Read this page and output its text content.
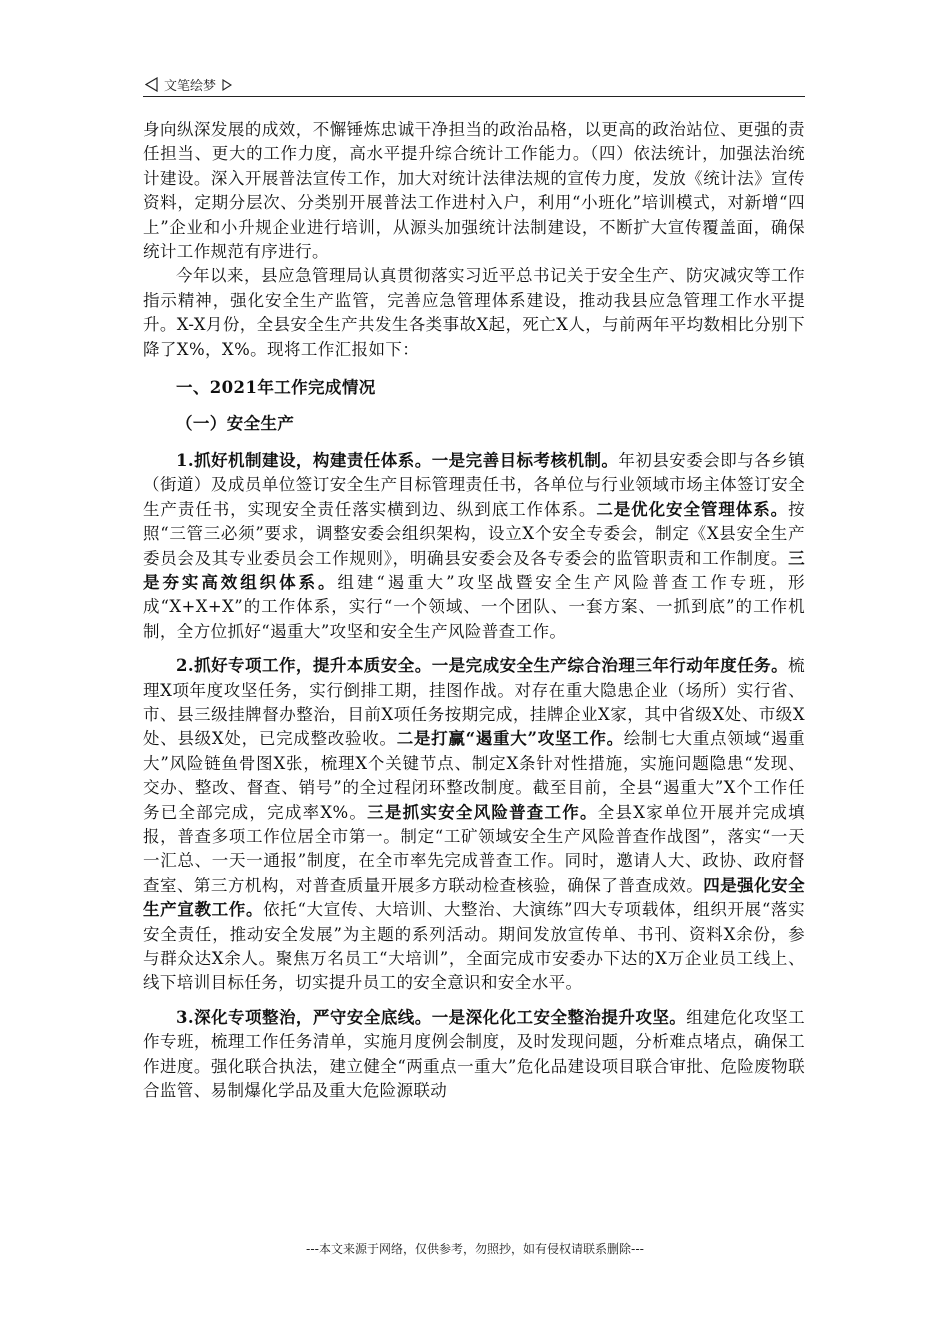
文笔绘梦

身向纵深发展的成效，不懈锤炼忠诚干净担当的政治品格，以更高的政治站位、更强的责任担当、更大的工作力度，高水平提升综合统计工作能力。（四）依法统计，加强法治统计建设。深入开展普法宣传工作，加大对统计法律法规的宣传力度，发放《统计法》宣传资料，定期分层次、分类别开展普法工作进村入户，利用“小班化”培训模式，对新增“四上”企业和小升规企业进行培训，从源头加强统计法制建设，不断扩大宣传覆盖面，确保统计工作规范有序进行。

今年以来，县应急管理局认真贯彻落实习近平总书记关于安全生产、防灾减灾等工作指示精神，强化安全生产监管，完善应急管理体系建设，推动我县应急管理工作水平提升。X-X月份，全县安全生产共发生各类事故X起，死亡X人，与前两年平均数相比分别下降了X%，X%。现将工作汇报如下：

一、2021年工作完成情况

（一）安全生产

1.抓好机制建设，构建责任体系。一是完善目标考核机制。年初县安委会即与各乡镇（街道）及成员单位签订安全生产目标管理责任书，各单位与行业领域市场主体签订安全生产责任书，实现安全责任落实横到边、纵到底工作体系。二是优化安全管理体系。按照“三管三必须”要求，调整安委会组织架构，设立X个安全专委会，制定《X县安全生产委员会及其专业委员会工作规则》，明确县安委会及各专委会的监管职责和工作制度。三是夯实高效组织体系。组建“遏重大”攻坚战暨安全生产风险普查工作专班，形成“X+X+X”的工作体系，实行“一个领域、一个团队、一套方案、一抓到底”的工作机制，全方位抓好“遏重大”攻坚和安全生产风险普查工作。

2.抓好专项工作，提升本质安全。一是完成安全生产综合治理三年行动年度任务。梳理X项年度攻坚任务，实行倒排工期，挂图作战。对存在重大隐患企业（场所）实行省、市、县三级挂牌督办整治，目前X项任务按期完成，挂牌企业X家，其中省级X处、市级X处、县级X处，已完成整改验收。二是打赢“遏重大”攻坚工作。绘制七大重点领域“遏重大”风险链鱼骨图X张，梳理X个关键节点、制定X条针对性措施，实施问题隐患“发现、交办、整改、督查、销号”的全过程闭环整改制度。截至目前，全县“遏重大”X个工作任务已全部完成，完成率X%。三是抓实安全风险普查工作。全县X家单位开展并完成填报，普查多项工作位居全市第一。制定“工矿领域安全生产风险普查作战图”，落实“一天一汇总、一天一通报”制度，在全市率先完成普查工作。同时，邀请人大、政协、政府督查室、第三方机构，对普查质量开展多方联动检查核验，确保了普查成效。四是强化安全生产宣教工作。依托“大宣传、大培训、大整治、大演练”四大专项载体，组织开展“落实安全责任，推动安全发展”为主题的系列活动。期间发放宣传单、书刊、资料X余份，参与群众达X余人。聚焦万名员工“大培训”，全面完成市安委办下达的X万企业员工线上、线下培训目标任务，切实提升员工的安全意识和安全水平。

3.深化专项整治，严守安全底线。一是深化化工安全整治提升攻坚。组建危化攻坚工作专班，梳理工作任务清单，实施月度例会制度，及时发现问题，分析难点堵点，确保工作进度。强化联合执法，建立健全“两重点一重大”危化品建设项目联合审批、危险废物联合监管、易制爆化学品及重大危险源联动

---本文来源于网络，仅供参考，勿照抄，如有侵权请联系删除---
